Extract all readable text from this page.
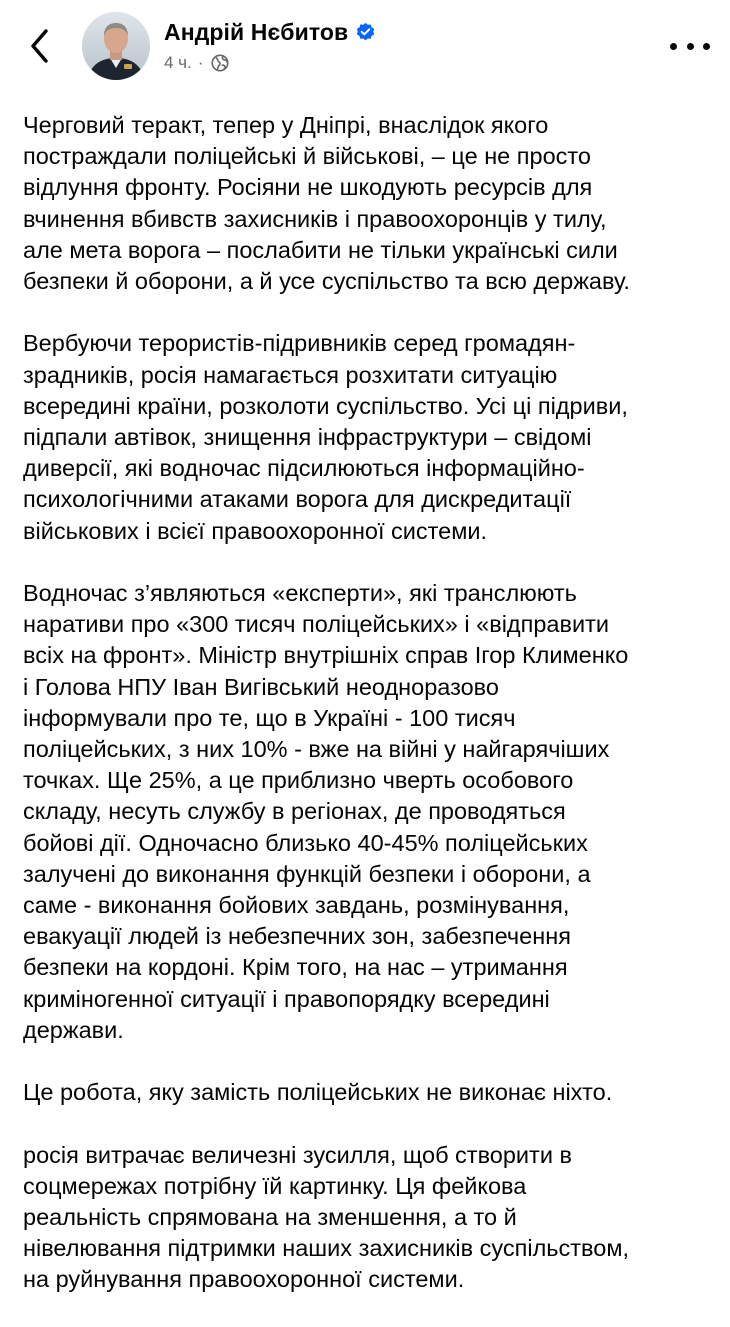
Андрій Нєбитов
4 ч. ·

Черговий теракт, тепер у Дніпрі, внаслідок якого
постраждали поліцейські й військові, – це не просто
відлуння фронту. Росіяни не шкодують ресурсів для
вчинення вбивств захисників і правоохоронців у тилу,
але мета ворога – послабити не тільки українські сили
безпеки й оборони, а й усе суспільство та всю державу.

Вербуючи терористів-підривників серед громадян-
зрадників, росія намагається розхитати ситуацію
всередині країни, розколоти суспільство. Усі ці підриви,
підпали автівок, знищення інфраструктури – свідомі
диверсії, які водночас підсилюються інформаційно-
психологічними атаками ворога для дискредитації
військових і всієї правоохоронної системи.

Водночас з’являються «експерти», які транслюють
наративи про «300 тисяч поліцейських» і «відправити
всіх на фронт». Міністр внутрішніх справ Ігор Клименко
і Голова НПУ Іван Вигівський неодноразово
інформували про те, що в Україні - 100 тисяч
поліцейських, з них 10% - вже на війні у найгарячіших
точках. Ще 25%, а це приблизно чверть особового
складу, несуть службу в регіонах, де проводяться
бойові дії. Одночасно близько 40-45% поліцейських
залучені до виконання функцій безпеки і оборони, а
саме - виконання бойових завдань, розмінування,
евакуації людей із небезпечних зон, забезпечення
безпеки на кордоні. Крім того, на нас – утримання
криміногенної ситуації і правопорядку всередині
держави.

Це робота, яку замість поліцейських не виконає ніхто.

росія витрачає величезні зусилля, щоб створити в
соцмережах потрібну їй картинку. Ця фейкова
реальність спрямована на зменшення, а то й
нівелювання підтримки наших захисників суспільством,
на руйнування правоохоронної системи.
